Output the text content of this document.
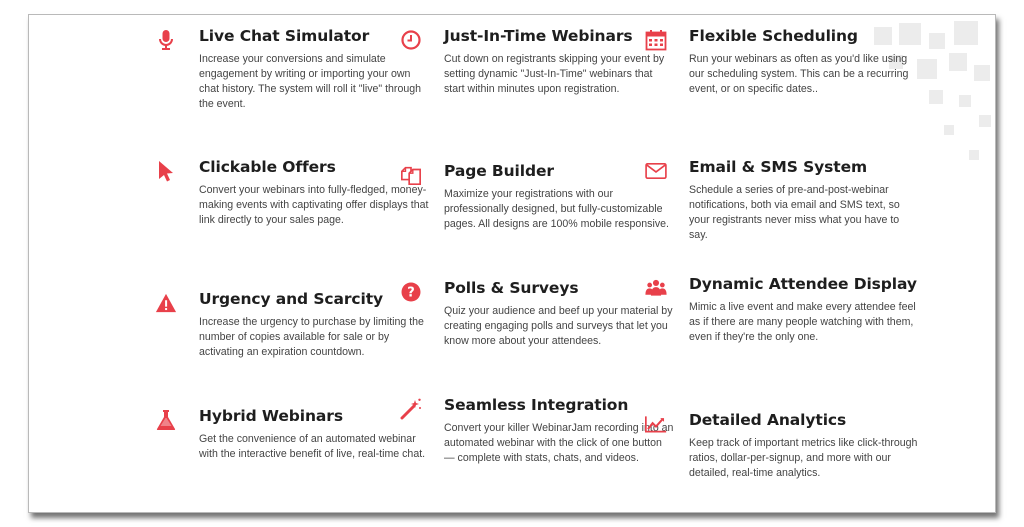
Live Chat Simulator

Increase your conversions and simulate engagement by writing or importing your own chat history. The system will roll it "live" through the event.

Clickable Offers

Convert your webinars into fully-fledged, money-making events with captivating offer displays that link directly to your sales page.

Urgency and Scarcity

Increase the urgency to purchase by limiting the number of copies available for sale or by activating an expiration countdown.

Hybrid Webinars

Get the convenience of an automated webinar with the interactive benefit of live, real-time chat.

Just-In-Time Webinars

Cut down on registrants skipping your event by setting dynamic "Just-In-Time" webinars that start within minutes upon registration.

Page Builder

Maximize your registrations with our professionally designed, but fully-customizable pages. All designs are 100% mobile responsive.

? Polls & Surveys

Quiz your audience and beef up your material by creating engaging polls and surveys that let you know more about your attendees.

Seamless Integration

Convert your killer WebinarJam recording into an automated webinar with the click of one button — complete with stats, chats, and videos.

Flexible Scheduling

Run your webinars as often as you'd like using our scheduling system. This can be a recurring event, or on specific dates..

Email & SMS System

Schedule a series of pre-and-post-webinar notifications, both via email and SMS text, so your registrants never miss what you have to say.

Dynamic Attendee Display

Mimic a live event and make every attendee feel as if there are many people watching with them, even if they're the only one.

Detailed Analytics

Keep track of important metrics like click-through ratios, dollar-per-signup, and more with our detailed, real-time analytics.
